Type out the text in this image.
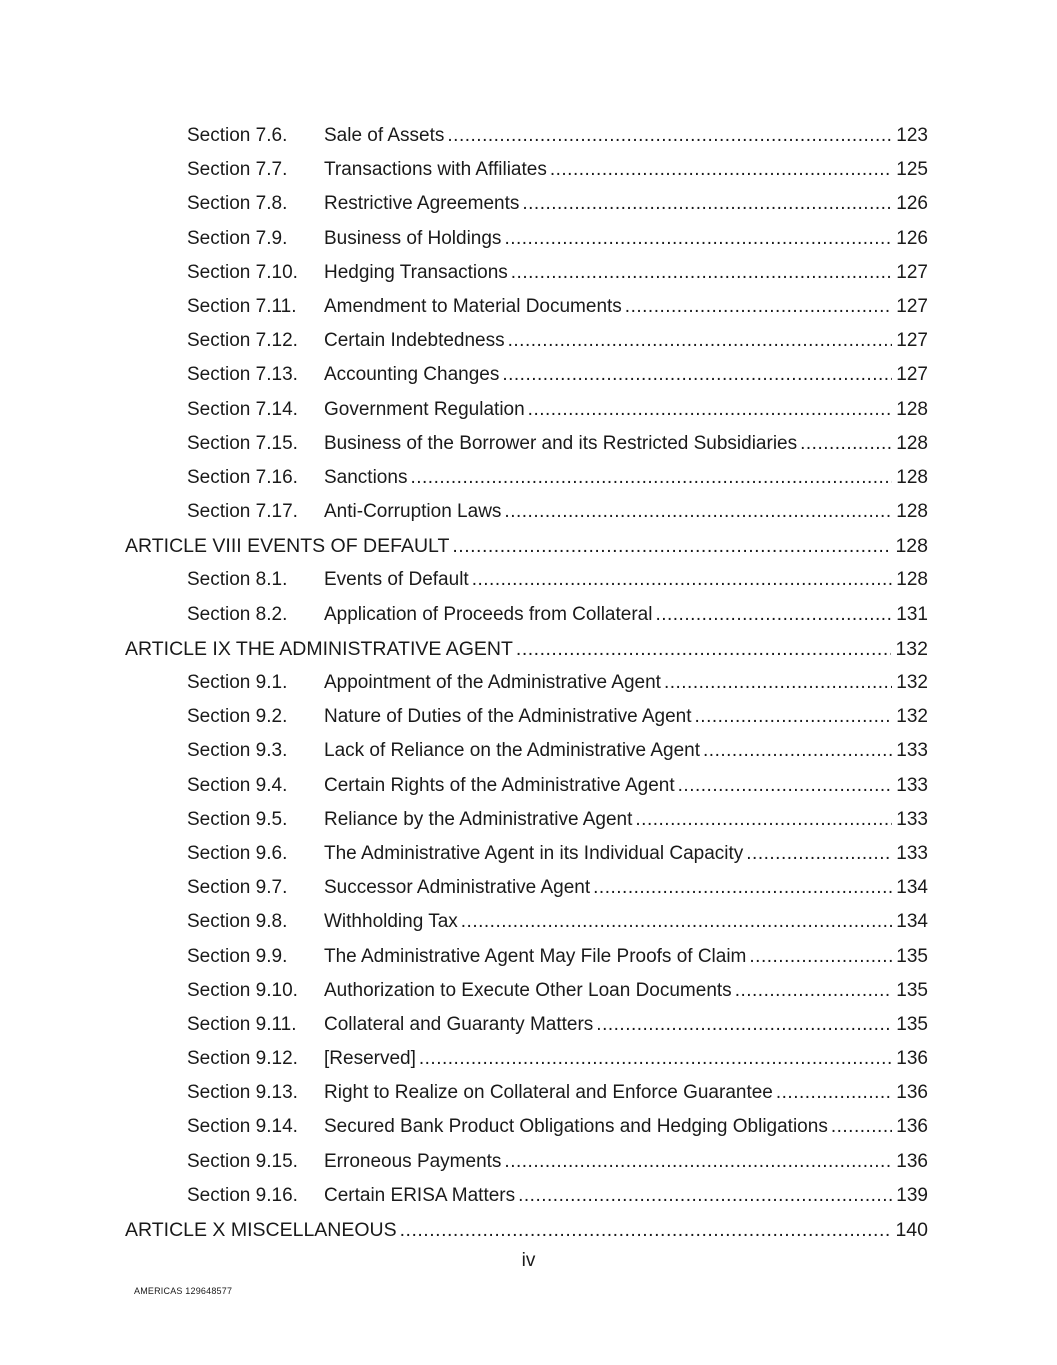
Section 7.6. Sale of Assets .....	123
Section 7.7. Transactions with Affiliates .....	125
Section 7.8. Restrictive Agreements .....	126
Section 7.9. Business of Holdings .....	126
Section 7.10. Hedging Transactions .....	127
Section 7.11. Amendment to Material Documents .....	127
Section 7.12. Certain Indebtedness .....	127
Section 7.13. Accounting Changes .....	127
Section 7.14. Government Regulation .....	128
Section 7.15. Business of the Borrower and its Restricted Subsidiaries .....	128
Section 7.16. Sanctions .....	128
Section 7.17. Anti-Corruption Laws .....	128
ARTICLE VIII EVENTS OF DEFAULT .....	128
Section 8.1. Events of Default .....	128
Section 8.2. Application of Proceeds from Collateral .....	131
ARTICLE IX THE ADMINISTRATIVE AGENT .....	132
Section 9.1. Appointment of the Administrative Agent .....	132
Section 9.2. Nature of Duties of the Administrative Agent .....	132
Section 9.3. Lack of Reliance on the Administrative Agent .....	133
Section 9.4. Certain Rights of the Administrative Agent .....	133
Section 9.5. Reliance by the Administrative Agent .....	133
Section 9.6. The Administrative Agent in its Individual Capacity .....	133
Section 9.7. Successor Administrative Agent .....	134
Section 9.8. Withholding Tax .....	134
Section 9.9. The Administrative Agent May File Proofs of Claim .....	135
Section 9.10. Authorization to Execute Other Loan Documents .....	135
Section 9.11. Collateral and Guaranty Matters .....	135
Section 9.12. [Reserved] .....	136
Section 9.13. Right to Realize on Collateral and Enforce Guarantee .....	136
Section 9.14. Secured Bank Product Obligations and Hedging Obligations .....	136
Section 9.15. Erroneous Payments .....	136
Section 9.16. Certain ERISA Matters .....	139
ARTICLE X MISCELLANEOUS .....	140
iv
AMERICAS 129648577
